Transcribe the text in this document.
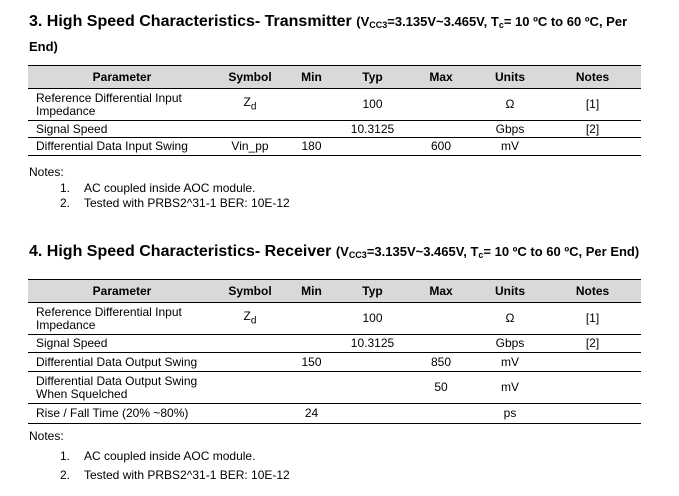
3. High Speed Characteristics- Transmitter ($V_{CC3}=3.135V\sim 3.465V$, $T_c= 10$ ºC to 60 ºC, Per End)
Parameter	Symbol	Min	Typ	Max	Units	Notes
Reference Differential Input Impedance	$Z_d$		100		Ω	[1]
Signal Speed			10.3125		Gbps	[2]
Differential Data Input Swing	Vin_pp	180		600	mV	
Notes:
1. AC coupled inside AOC module.
2. Tested with PRBS2^31-1 BER: 10E-12
4. High Speed Characteristics- Receiver ($V_{CC3}=3.135V\sim 3.465V$, $T_c= 10$ ºC to 60 ºC, Per End)
Parameter	Symbol	Min	Typ	Max	Units	Notes
Reference Differential Input Impedance	$Z_d$		100		Ω	[1]
Signal Speed			10.3125		Gbps	[2]
Differential Data Output Swing		150		850	mV	
Differential Data Output Swing When Squelched				50	mV	
Rise / Fall Time (20% ~80%)		24			ps	
Notes:
1. AC coupled inside AOC module.
2. Tested with PRBS2^31-1 BER: 10E-12
